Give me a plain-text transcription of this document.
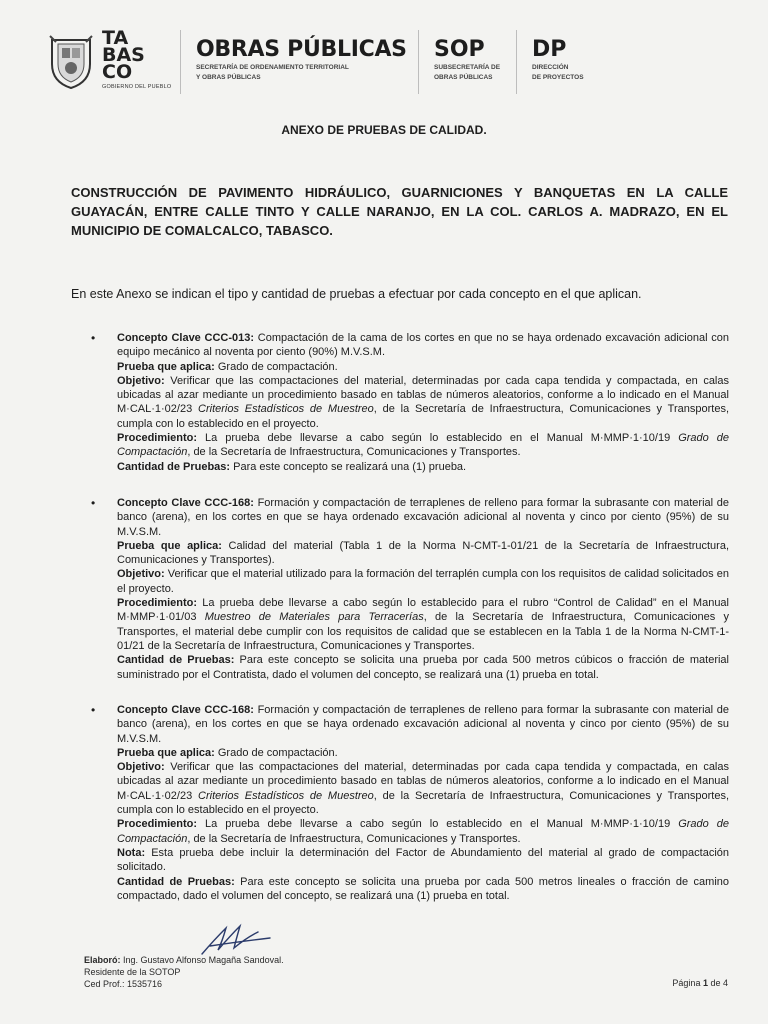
TA
BAS
CO
GOBIERNO DEL PUEBLO
OBRAS PÚBLICAS
SECRETARÍA DE ORDENAMIENTO TERRITORIAL
Y OBRAS PÚBLICAS
SOP
SUBSECRETARÍA DE
OBRAS PÚBLICAS
DP
DIRECCIÓN
DE PROYECTOS
ANEXO DE PRUEBAS DE CALIDAD.
CONSTRUCCIÓN DE PAVIMENTO HIDRÁULICO, GUARNICIONES Y BANQUETAS EN LA CALLE GUAYACÁN, ENTRE CALLE TINTO Y CALLE NARANJO, EN LA COL. CARLOS A. MADRAZO, EN EL MUNICIPIO DE COMALCALCO, TABASCO.
En este Anexo se indican el tipo y cantidad de pruebas a efectuar por cada concepto en el que aplican.
• Concepto Clave CCC-013: Compactación de la cama de los cortes en que no se haya ordenado excavación adicional con equipo mecánico al noventa por ciento (90%) M.V.S.M.

Prueba que aplica: Grado de compactación.

Objetivo: Verificar que las compactaciones del material, determinadas por cada capa tendida y compactada, en calas ubicadas al azar mediante un procedimiento basado en tablas de números aleatorios, conforme a lo indicado en el Manual M·CAL·1·02/23 Criterios Estadísticos de Muestreo, de la Secretaría de Infraestructura, Comunicaciones y Transportes, cumpla con lo establecido en el proyecto.

Procedimiento: La prueba debe llevarse a cabo según lo establecido en el Manual M·MMP·1·10/19 Grado de Compactación, de la Secretaría de Infraestructura, Comunicaciones y Transportes.

Cantidad de Pruebas: Para este concepto se realizará una (1) prueba.

• Concepto Clave CCC-168: Formación y compactación de terraplenes de relleno para formar la subrasante con material de banco (arena), en los cortes en que se haya ordenado excavación adicional al noventa y cinco por ciento (95%) de su M.V.S.M.

Prueba que aplica: Calidad del material (Tabla 1 de la Norma N-CMT-1-01/21 de la Secretaría de Infraestructura, Comunicaciones y Transportes).

Objetivo: Verificar que el material utilizado para la formación del terraplén cumpla con los requisitos de calidad solicitados en el proyecto.

Procedimiento: La prueba debe llevarse a cabo según lo establecido para el rubro “Control de Calidad” en el Manual M·MMP·1·01/03 Muestreo de Materiales para Terracerías, de la Secretaría de Infraestructura, Comunicaciones y Transportes, el material debe cumplir con los requisitos de calidad que se establecen en la Tabla 1 de la Norma N-CMT-1-01/21 de la Secretaría de Infraestructura, Comunicaciones y Transportes.

Cantidad de Pruebas: Para este concepto se solicita una prueba por cada 500 metros cúbicos o fracción de material suministrado por el Contratista, dado el volumen del concepto, se realizará una (1) prueba en total.

• Concepto Clave CCC-168: Formación y compactación de terraplenes de relleno para formar la subrasante con material de banco (arena), en los cortes en que se haya ordenado excavación adicional al noventa y cinco por ciento (95%) de su M.V.S.M.

Prueba que aplica: Grado de compactación.

Objetivo: Verificar que las compactaciones del material, determinadas por cada capa tendida y compactada, en calas ubicadas al azar mediante un procedimiento basado en tablas de números aleatorios, conforme a lo indicado en el Manual M·CAL·1·02/23 Criterios Estadísticos de Muestreo, de la Secretaría de Infraestructura, Comunicaciones y Transportes, cumpla con lo establecido en el proyecto.

Procedimiento: La prueba debe llevarse a cabo según lo establecido en el Manual M·MMP·1·10/19 Grado de Compactación, de la Secretaría de Infraestructura, Comunicaciones y Transportes.

Nota: Esta prueba debe incluir la determinación del Factor de Abundamiento del material al grado de compactación solicitado.

Cantidad de Pruebas: Para este concepto se solicita una prueba por cada 500 metros lineales o fracción de camino compactado, dado el volumen del concepto, se realizará una (1) prueba en total.

Elaboró: Ing. Gustavo Alfonso Magaña Sandoval.
Residente de la SOTOP
Ced Prof.: 1535716	Página 1 de 4
